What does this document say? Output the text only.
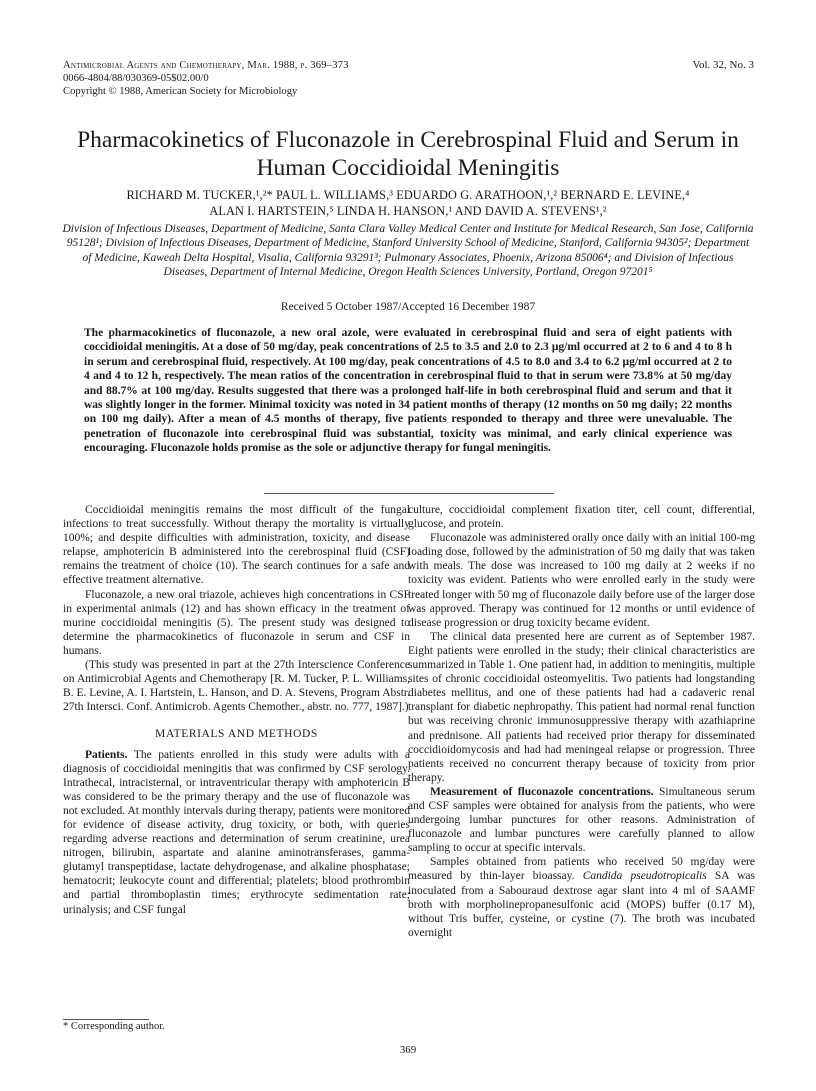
Antimicrobial Agents and Chemotherapy, Mar. 1988, p. 369–373
0066-4804/88/030369-05$02.00/0
Copyright © 1988, American Society for Microbiology
Vol. 32, No. 3
Pharmacokinetics of Fluconazole in Cerebrospinal Fluid and Serum in Human Coccidioidal Meningitis
RICHARD M. TUCKER,¹,²* PAUL L. WILLIAMS,³ EDUARDO G. ARATHOON,¹,² BERNARD E. LEVINE,⁴
ALAN I. HARTSTEIN,⁵ LINDA H. HANSON,¹ AND DAVID A. STEVENS¹,²
Division of Infectious Diseases, Department of Medicine, Santa Clara Valley Medical Center and Institute for Medical Research, San Jose, California 95128¹; Division of Infectious Diseases, Department of Medicine, Stanford University School of Medicine, Stanford, California 94305²; Department of Medicine, Kaweah Delta Hospital, Visalia, California 93291³; Pulmonary Associates, Phoenix, Arizona 85006⁴; and Division of Infectious Diseases, Department of Internal Medicine, Oregon Health Sciences University, Portland, Oregon 97201⁵
Received 5 October 1987/Accepted 16 December 1987

The pharmacokinetics of fluconazole, a new oral azole, were evaluated in cerebrospinal fluid and sera of eight patients with coccidioidal meningitis. At a dose of 50 mg/day, peak concentrations of 2.5 to 3.5 and 2.0 to 2.3 μg/ml occurred at 2 to 6 and 4 to 8 h in serum and cerebrospinal fluid, respectively. At 100 mg/day, peak concentrations of 4.5 to 8.0 and 3.4 to 6.2 μg/ml occurred at 2 to 4 and 4 to 12 h, respectively. The mean ratios of the concentration in cerebrospinal fluid to that in serum were 73.8% at 50 mg/day and 88.7% at 100 mg/day. Results suggested that there was a prolonged half-life in both cerebrospinal fluid and serum and that it was slightly longer in the former. Minimal toxicity was noted in 34 patient months of therapy (12 months on 50 mg daily; 22 months on 100 mg daily). After a mean of 4.5 months of therapy, five patients responded to therapy and three were unevaluable. The penetration of fluconazole into cerebrospinal fluid was substantial, toxicity was minimal, and early clinical experience was encouraging. Fluconazole holds promise as the sole or adjunctive therapy for fungal meningitis.

Coccidioidal meningitis remains the most difficult of the fungal infections to treat successfully. Without therapy the mortality is virtually 100%; and despite difficulties with administration, toxicity, and disease relapse, amphotericin B administered into the cerebrospinal fluid (CSF) remains the treatment of choice (10). The search continues for a safe and effective treatment alternative.

Fluconazole, a new oral triazole, achieves high concentrations in CSF in experimental animals (12) and has shown efficacy in the treatment of murine coccidioidal meningitis (5). The present study was designed to determine the pharmacokinetics of fluconazole in serum and CSF in humans.

(This study was presented in part at the 27th Interscience Conference on Antimicrobial Agents and Chemotherapy [R. M. Tucker, P. L. Williams, B. E. Levine, A. I. Hartstein, L. Hanson, and D. A. Stevens, Program Abstr. 27th Intersci. Conf. Antimicrob. Agents Chemother., abstr. no. 777, 1987].)

MATERIALS AND METHODS

Patients. The patients enrolled in this study were adults with a diagnosis of coccidioidal meningitis that was confirmed by CSF serology. Intrathecal, intracisternal, or intraventricular therapy with amphotericin B was considered to be the primary therapy and the use of fluconazole was not excluded. At monthly intervals during therapy, patients were monitored for evidence of disease activity, drug toxicity, or both, with queries regarding adverse reactions and determination of serum creatinine, urea nitrogen, bilirubin, aspartate and alanine aminotransferases, gamma-glutamyl transpeptidase, lactate dehydrogenase, and alkaline phosphatase; hematocrit; leukocyte count and differential; platelets; blood prothrombin and partial thromboplastin times; erythrocyte sedimentation rate; urinalysis; and CSF fungal

culture, coccidioidal complement fixation titer, cell count, differential, glucose, and protein.

Fluconazole was administered orally once daily with an initial 100-mg loading dose, followed by the administration of 50 mg daily that was taken with meals. The dose was increased to 100 mg daily at 2 weeks if no toxicity was evident. Patients who were enrolled early in the study were treated longer with 50 mg of fluconazole daily before use of the larger dose was approved. Therapy was continued for 12 months or until evidence of disease progression or drug toxicity became evident.

The clinical data presented here are current as of September 1987. Eight patients were enrolled in the study; their clinical characteristics are summarized in Table 1. One patient had, in addition to meningitis, multiple sites of chronic coccidioidal osteomyelitis. Two patients had longstanding diabetes mellitus, and one of these patients had had a cadaveric renal transplant for diabetic nephropathy. This patient had normal renal function but was receiving chronic immunosuppressive therapy with azathiaprine and prednisone. All patients had received prior therapy for disseminated coccidioidomycosis and had had meningeal relapse or progression. Three patients received no concurrent therapy because of toxicity from prior therapy.

Measurement of fluconazole concentrations. Simultaneous serum and CSF samples were obtained for analysis from the patients, who were undergoing lumbar punctures for other reasons. Administration of fluconazole and lumbar punctures were carefully planned to allow sampling to occur at specific intervals.

Samples obtained from patients who received 50 mg/day were measured by thin-layer bioassay. Candida pseudotropicalis SA was inoculated from a Sabouraud dextrose agar slant into 4 ml of SAAMF broth with morpholinepropanesulfonic acid (MOPS) buffer (0.17 M), without Tris buffer, cysteine, or cystine (7). The broth was incubated overnight

* Corresponding author.
369
